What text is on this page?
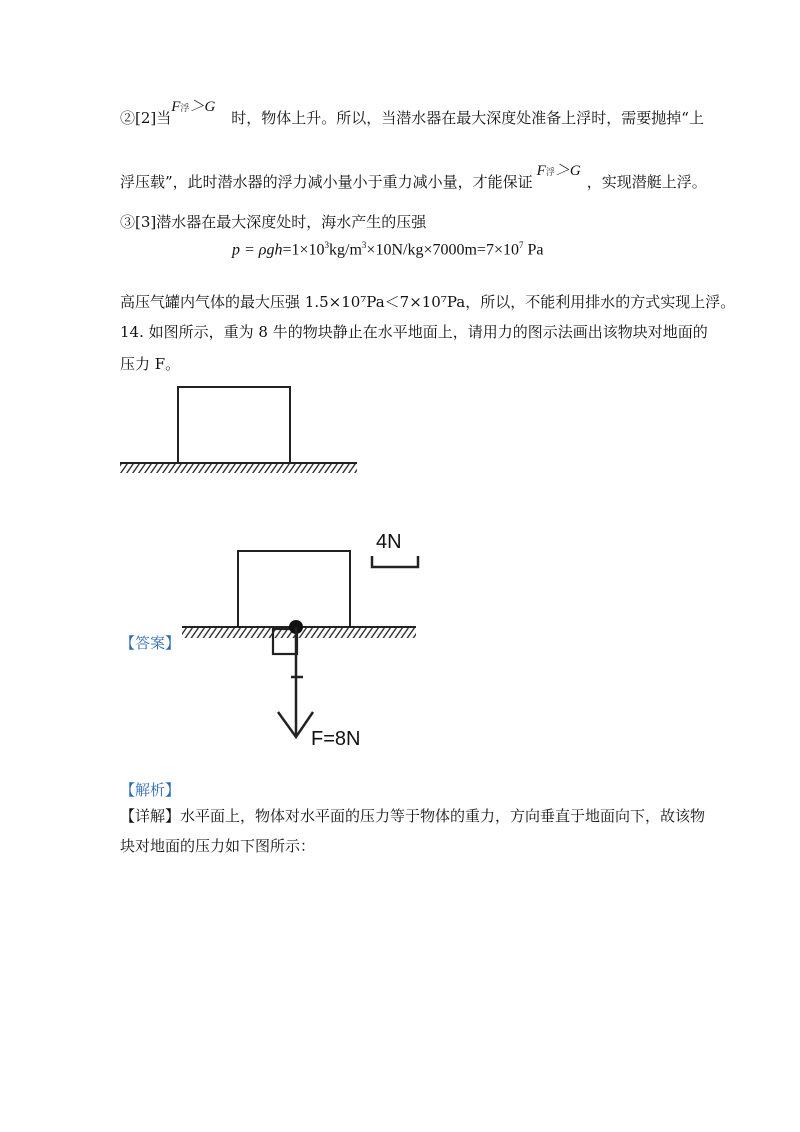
②[2]当F浮＞G时，物体上升。所以，当潜水器在最大深度处准备上浮时，需要抛掉“上
浮压载”，此时潜水器的浮力减小量小于重力减小量，才能保证F浮＞G，实现潜艇上浮。
③[3]潜水器在最大深度处时，海水产生的压强
$p = \rho gh=1\times 10^3kg/m^3\times 10N/kg\times 7000m=7\times 10^7$ Pa
高压气罐内气体的最大压强 1.5×10⁷Pa＜7×10⁷Pa，所以，不能利用排水的方式实现上浮。
14. 如图所示，重为 8 牛的物块静止在水平地面上，请用力的图示法画出该物块对地面的
压力 F。
4N
F=8N
【答案】
【解析】
【详解】水平面上，物体对水平面的压力等于物体的重力，方向垂直于地面向下，故该物
块对地面的压力如下图所示：
